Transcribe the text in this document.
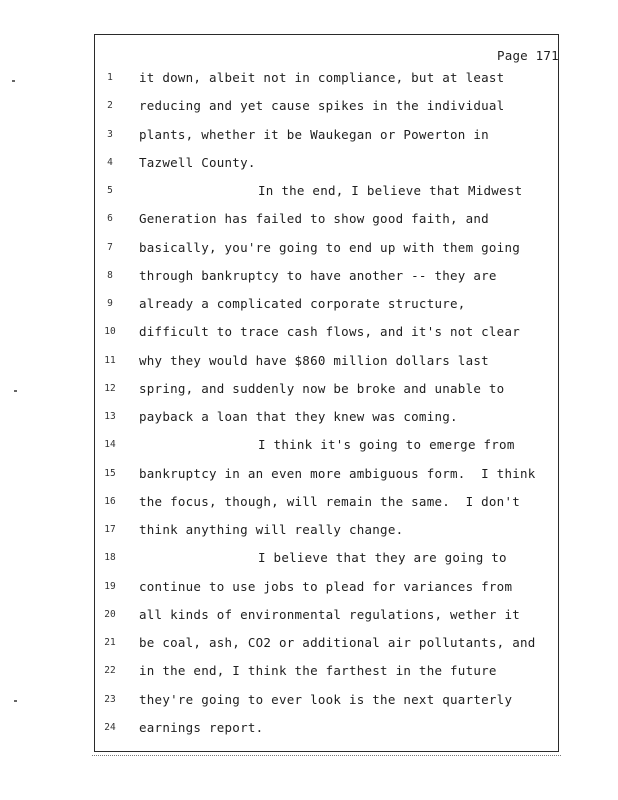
Page 171
1	it down, albeit not in compliance, but at least
2	reducing and yet cause spikes in the individual
3	plants, whether it be Waukegan or Powerton in
4	Tazwell County.
5	In the end, I believe that Midwest
6	Generation has failed to show good faith, and
7	basically, you're going to end up with them going
8	through bankruptcy to have another -- they are
9	already a complicated corporate structure,
10	difficult to trace cash flows, and it's not clear
11	why they would have $860 million dollars last
12	spring, and suddenly now be broke and unable to
13	payback a loan that they knew was coming.
14	I think it's going to emerge from
15	bankruptcy in an even more ambiguous form.  I think
16	the focus, though, will remain the same.  I don't
17	think anything will really change.
18	I believe that they are going to
19	continue to use jobs to plead for variances from
20	all kinds of environmental regulations, wether it
21	be coal, ash, CO2 or additional air pollutants, and
22	in the end, I think the farthest in the future
23	they're going to ever look is the next quarterly
24	earnings report.
